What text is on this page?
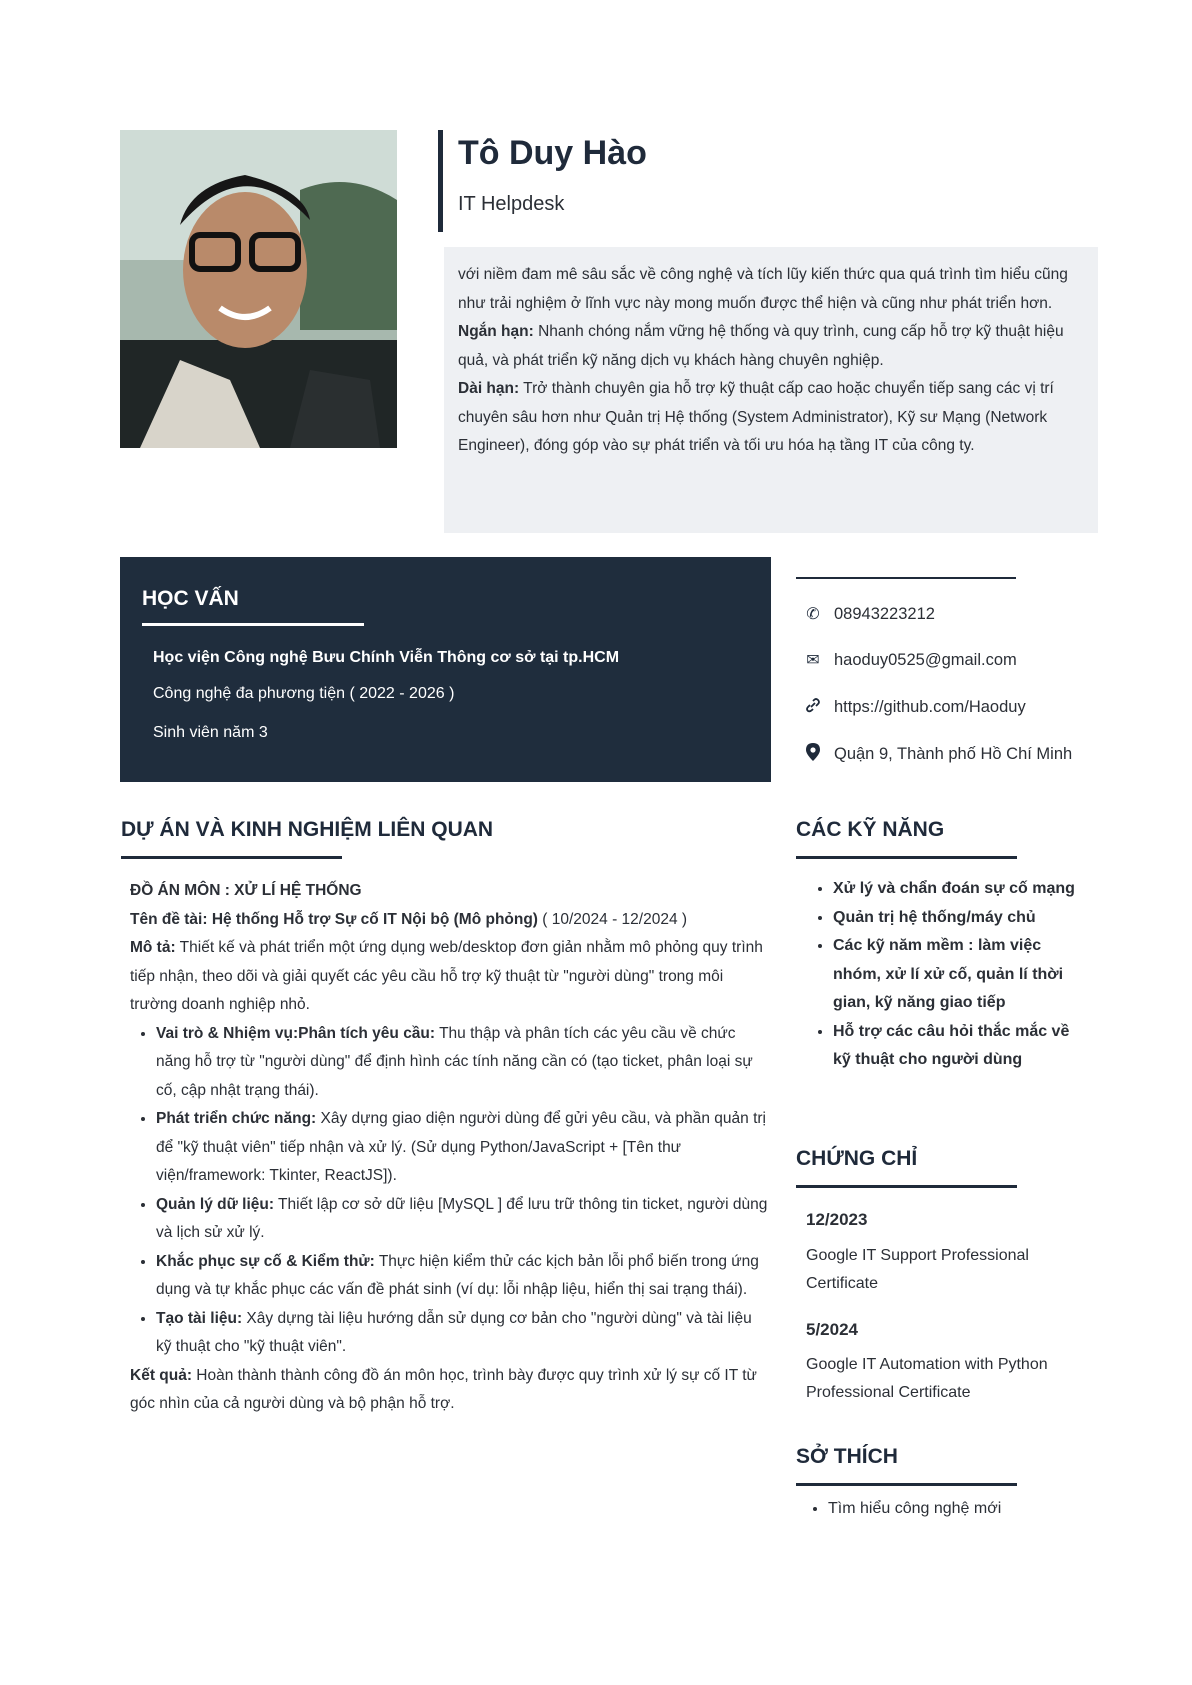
Tô Duy Hào
IT Helpdesk

với niềm đam mê sâu sắc về công nghệ và tích lũy kiến thức qua quá trình tìm hiểu cũng như trải nghiệm ở lĩnh vực này mong muốn được thể hiện và cũng như phát triển hơn.
Ngắn hạn: Nhanh chóng nắm vững hệ thống và quy trình, cung cấp hỗ trợ kỹ thuật hiệu quả, và phát triển kỹ năng dịch vụ khách hàng chuyên nghiệp.
Dài hạn: Trở thành chuyên gia hỗ trợ kỹ thuật cấp cao hoặc chuyển tiếp sang các vị trí chuyên sâu hơn như Quản trị Hệ thống (System Administrator), Kỹ sư Mạng (Network Engineer), đóng góp vào sự phát triển và tối ưu hóa hạ tầng IT của công ty.

HỌC VẤN
Học viện Công nghệ Bưu Chính Viễn Thông cơ sở tại tp.HCM
Công nghệ đa phương tiện ( 2022 - 2026 )
Sinh viên năm 3
✆ 08943223212
✉ haoduy0525@gmail.com
https://github.com/Haoduy
Quận 9, Thành phố Hồ Chí Minh
DỰ ÁN VÀ KINH NGHIỆM LIÊN QUAN
ĐỒ ÁN MÔN : XỬ LÍ HỆ THỐNG
Tên đề tài: Hệ thống Hỗ trợ Sự cố IT Nội bộ (Mô phỏng) ( 10/2024 - 12/2024 )
Mô tả: Thiết kế và phát triển một ứng dụng web/desktop đơn giản nhằm mô phỏng quy trình tiếp nhận, theo dõi và giải quyết các yêu cầu hỗ trợ kỹ thuật từ "người dùng" trong môi trường doanh nghiệp nhỏ.
• Vai trò & Nhiệm vụ:Phân tích yêu cầu: Thu thập và phân tích các yêu cầu về chức năng hỗ trợ từ "người dùng" để định hình các tính năng cần có (tạo ticket, phân loại sự cố, cập nhật trạng thái).
• Phát triển chức năng: Xây dựng giao diện người dùng để gửi yêu cầu, và phần quản trị để "kỹ thuật viên" tiếp nhận và xử lý. (Sử dụng Python/JavaScript + [Tên thư viện/framework: Tkinter, ReactJS]).
• Quản lý dữ liệu: Thiết lập cơ sở dữ liệu [MySQL ] để lưu trữ thông tin ticket, người dùng và lịch sử xử lý.
• Khắc phục sự cố & Kiểm thử: Thực hiện kiểm thử các kịch bản lỗi phổ biến trong ứng dụng và tự khắc phục các vấn đề phát sinh (ví dụ: lỗi nhập liệu, hiển thị sai trạng thái).
• Tạo tài liệu: Xây dựng tài liệu hướng dẫn sử dụng cơ bản cho "người dùng" và tài liệu kỹ thuật cho "kỹ thuật viên".
Kết quả: Hoàn thành thành công đồ án môn học, trình bày được quy trình xử lý sự cố IT từ góc nhìn của cả người dùng và bộ phận hỗ trợ.
CÁC KỸ NĂNG
• Xử lý và chẩn đoán sự cố mạng
• Quản trị hệ thống/máy chủ
• Các kỹ năm mềm : làm việc nhóm, xử lí xử cố, quản lí thời gian, kỹ năng giao tiếp
• Hỗ trợ các câu hỏi thắc mắc về kỹ thuật cho người dùng
CHỨNG CHỈ
12/2023
Google IT Support Professional Certificate
5/2024
Google IT Automation with Python Professional Certificate
SỞ THÍCH
• Tìm hiểu công nghệ mới
